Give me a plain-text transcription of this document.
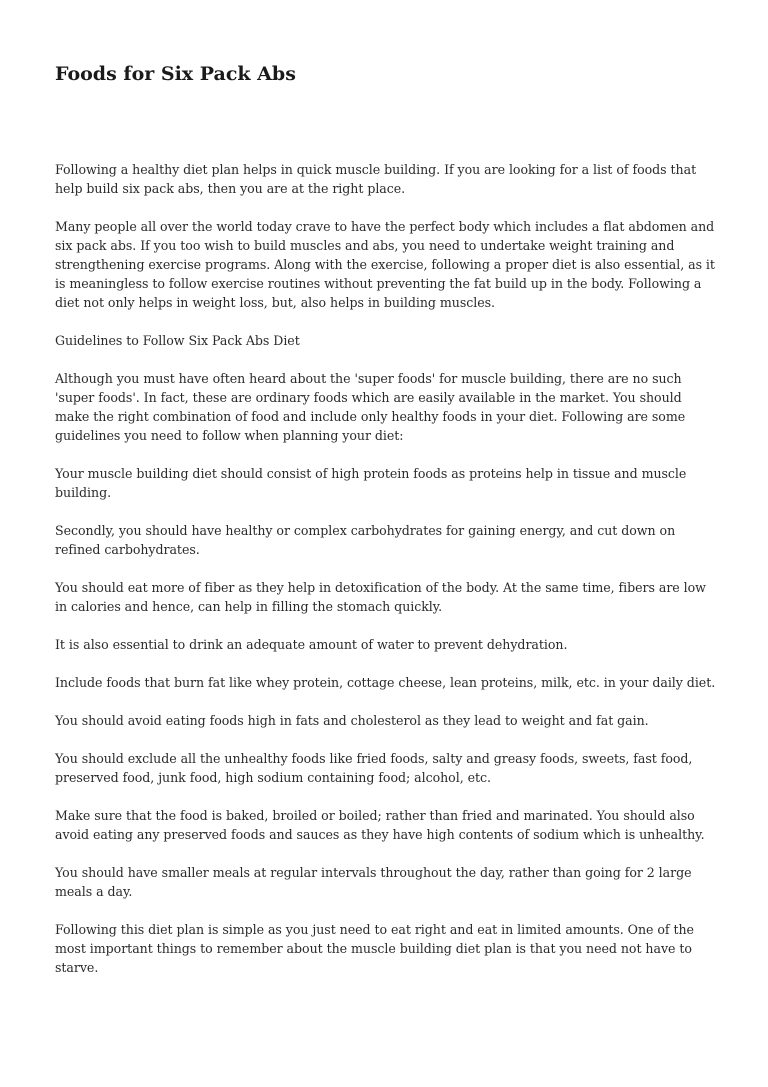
Foods for Six Pack Abs

Following a healthy diet plan helps in quick muscle building. If you are looking for a list of foods that help build six pack abs, then you are at the right place.

Many people all over the world today crave to have the perfect body which includes a flat abdomen and six pack abs. If you too wish to build muscles and abs, you need to undertake weight training and strengthening exercise programs. Along with the exercise, following a proper diet is also essential, as it is meaningless to follow exercise routines without preventing the fat build up in the body. Following a diet not only helps in weight loss, but, also helps in building muscles.

Guidelines to Follow Six Pack Abs Diet

Although you must have often heard about the 'super foods' for muscle building, there are no such 'super foods'. In fact, these are ordinary foods which are easily available in the market. You should make the right combination of food and include only healthy foods in your diet. Following are some guidelines you need to follow when planning your diet:

Your muscle building diet should consist of high protein foods as proteins help in tissue and muscle building.

Secondly, you should have healthy or complex carbohydrates for gaining energy, and cut down on refined carbohydrates.

You should eat more of fiber as they help in detoxification of the body. At the same time, fibers are low in calories and hence, can help in filling the stomach quickly.

It is also essential to drink an adequate amount of water to prevent dehydration.

Include foods that burn fat like whey protein, cottage cheese, lean proteins, milk, etc. in your daily diet.

You should avoid eating foods high in fats and cholesterol as they lead to weight and fat gain.

You should exclude all the unhealthy foods like fried foods, salty and greasy foods, sweets, fast food, preserved food, junk food, high sodium containing food; alcohol, etc.

Make sure that the food is baked, broiled or boiled; rather than fried and marinated. You should also avoid eating any preserved foods and sauces as they have high contents of sodium which is unhealthy.

You should have smaller meals at regular intervals throughout the day, rather than going for 2 large meals a day.

Following this diet plan is simple as you just need to eat right and eat in limited amounts. One of the most important things to remember about the muscle building diet plan is that you need not have to starve.
